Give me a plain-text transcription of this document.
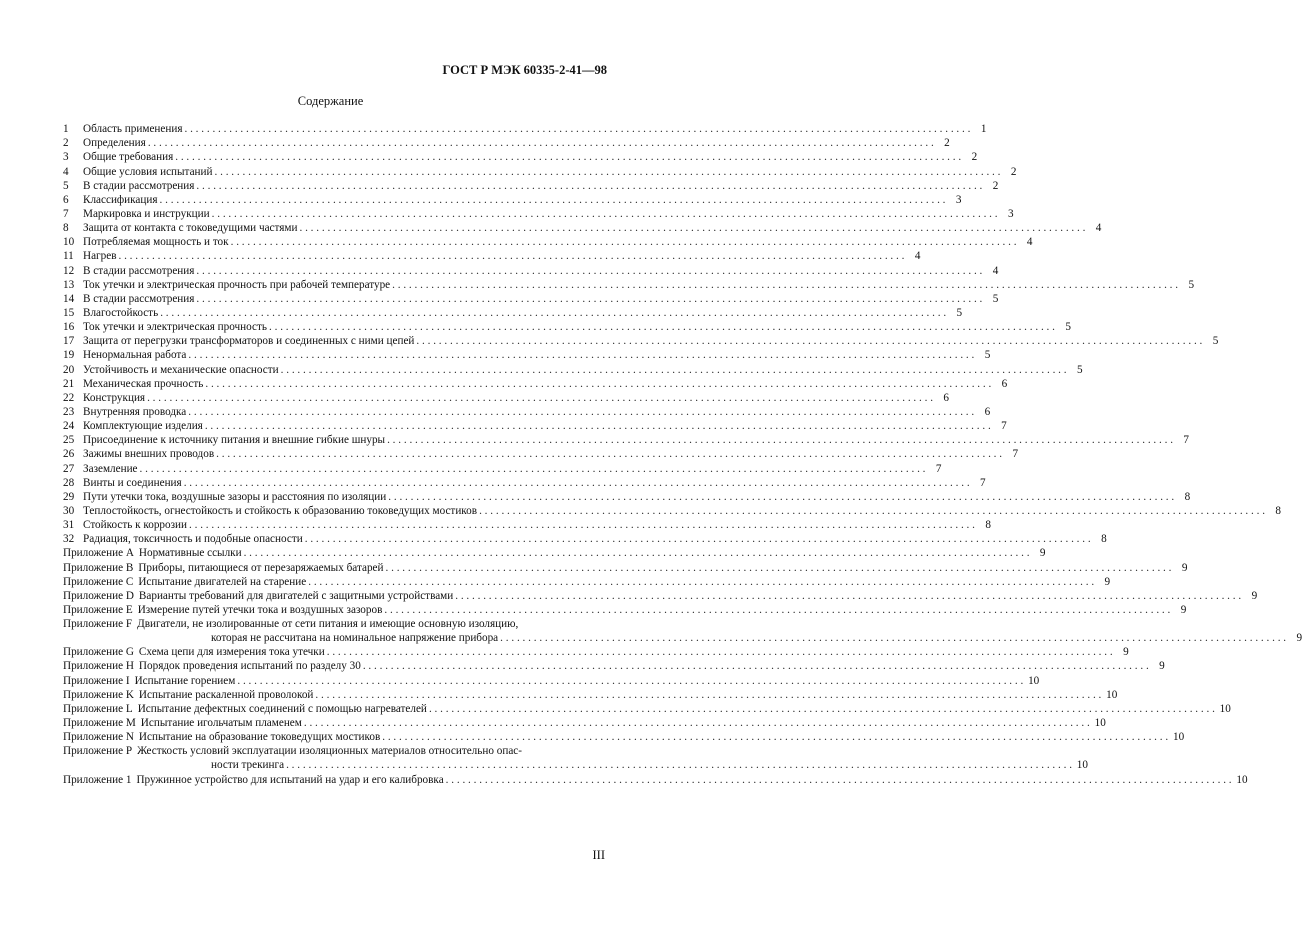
ГОСТ Р МЭК 60335-2-41—98
Содержание
1	Область применения . . .	1
2	Определения . . .	2
3	Общие требования . . .	2
4	Общие условия испытаний . . .	2
5	В стадии рассмотрения . . .	2
6	Классификация . . .	3
7	Маркировка и инструкции . . .	3
8	Защита от контакта с токоведущими частями . . .	4
10 Потребляемая мощность и ток . . .	4
11 Нагрев . . .	4
12 В стадии рассмотрения . . .	4
13 Ток утечки и электрическая прочность при рабочей температуре . . .	5
14 В стадии рассмотрения . . .	5
15 Влагостойкость . . .	5
16 Ток утечки и электрическая прочность . . .	5
17 Защита от перегрузки трансформаторов и соединенных с ними цепей . . .	5
19 Ненормальная работа . . .	5
20 Устойчивость и механические опасности . . .	5
21 Механическая прочность . . .	6
22 Конструкция . . .	6
23 Внутренняя проводка . . .	6
24 Комплектующие изделия . . .	7
25 Присоединение к источнику питания и внешние гибкие шнуры . . .	7
26 Зажимы внешних проводов . . .	7
27 Заземление . . .	7
28 Винты и соединения . . .	7
29 Пути утечки тока, воздушные зазоры и расстояния по изоляции . . .	8
30 Теплостойкость, огнестойкость и стойкость к образованию токоведущих мостиков . . .	8
31 Стойкость к коррозии . . .	8
32 Радиация, токсичность и подобные опасности . . .	8
Приложение A Нормативные ссылки . . .	9
Приложение B Приборы, питающиеся от перезаряжаемых батарей . . .	9
Приложение C Испытание двигателей на старение . . .	9
Приложение D Варианты требований для двигателей с защитными устройствами . . .	9
Приложение E Измерение путей утечки тока и воздушных зазоров . . .	9
Приложение F Двигатели, не изолированные от сети питания и имеющие основную изоляцию,
которая не рассчитана на номинальное напряжение прибора . . .	9
Приложение G Схема цепи для измерения тока утечки . . .	9
Приложение H Порядок проведения испытаний по разделу 30 . . .	9
Приложение I Испытание горением . . .	10
Приложение K Испытание раскаленной проволокой . . .	10
Приложение L Испытание дефектных соединений с помощью нагревателей . . .	10
Приложение M Испытание игольчатым пламенем . . .	10
Приложение N Испытание на образование токоведущих мостиков . . .	10
Приложение P Жесткость условий эксплуатации изоляционных материалов относительно опас-
ности трекинга . . .	10
Приложение 1 Пружинное устройство для испытаний на удар и его калибровка . . .	10
III
